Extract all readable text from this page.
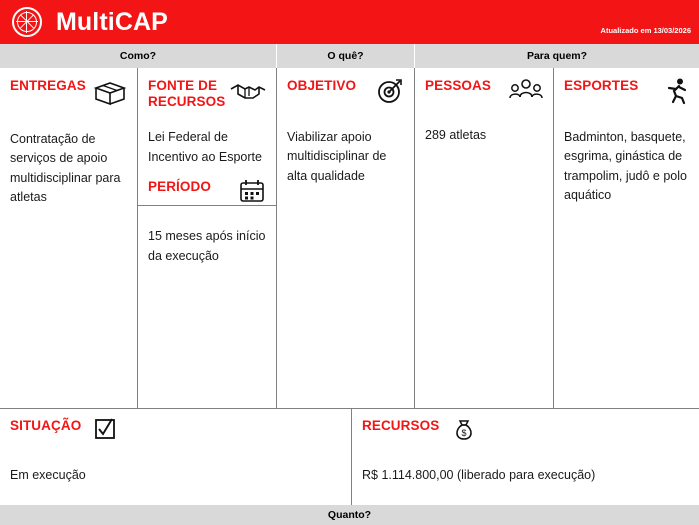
MultiCAP	Atualizado em 13/03/2026
Como?	O quê?	Para quem?
ENTREGAS
Contratação de serviços de apoio multidisciplinar para atletas
FONTE DE RECURSOS
Lei Federal de Incentivo ao Esporte
PERÍODO
15 meses após início da execução
OBJETIVO
Viabilizar apoio multidisciplinar de alta qualidade
PESSOAS
289 atletas
ESPORTES
Badminton, basquete, esgrima, ginástica de trampolim, judô e polo aquático
SITUAÇÃO
Em execução
RECURSOS $
R$ 1.114.800,00 (liberado para execução)
Quanto?
